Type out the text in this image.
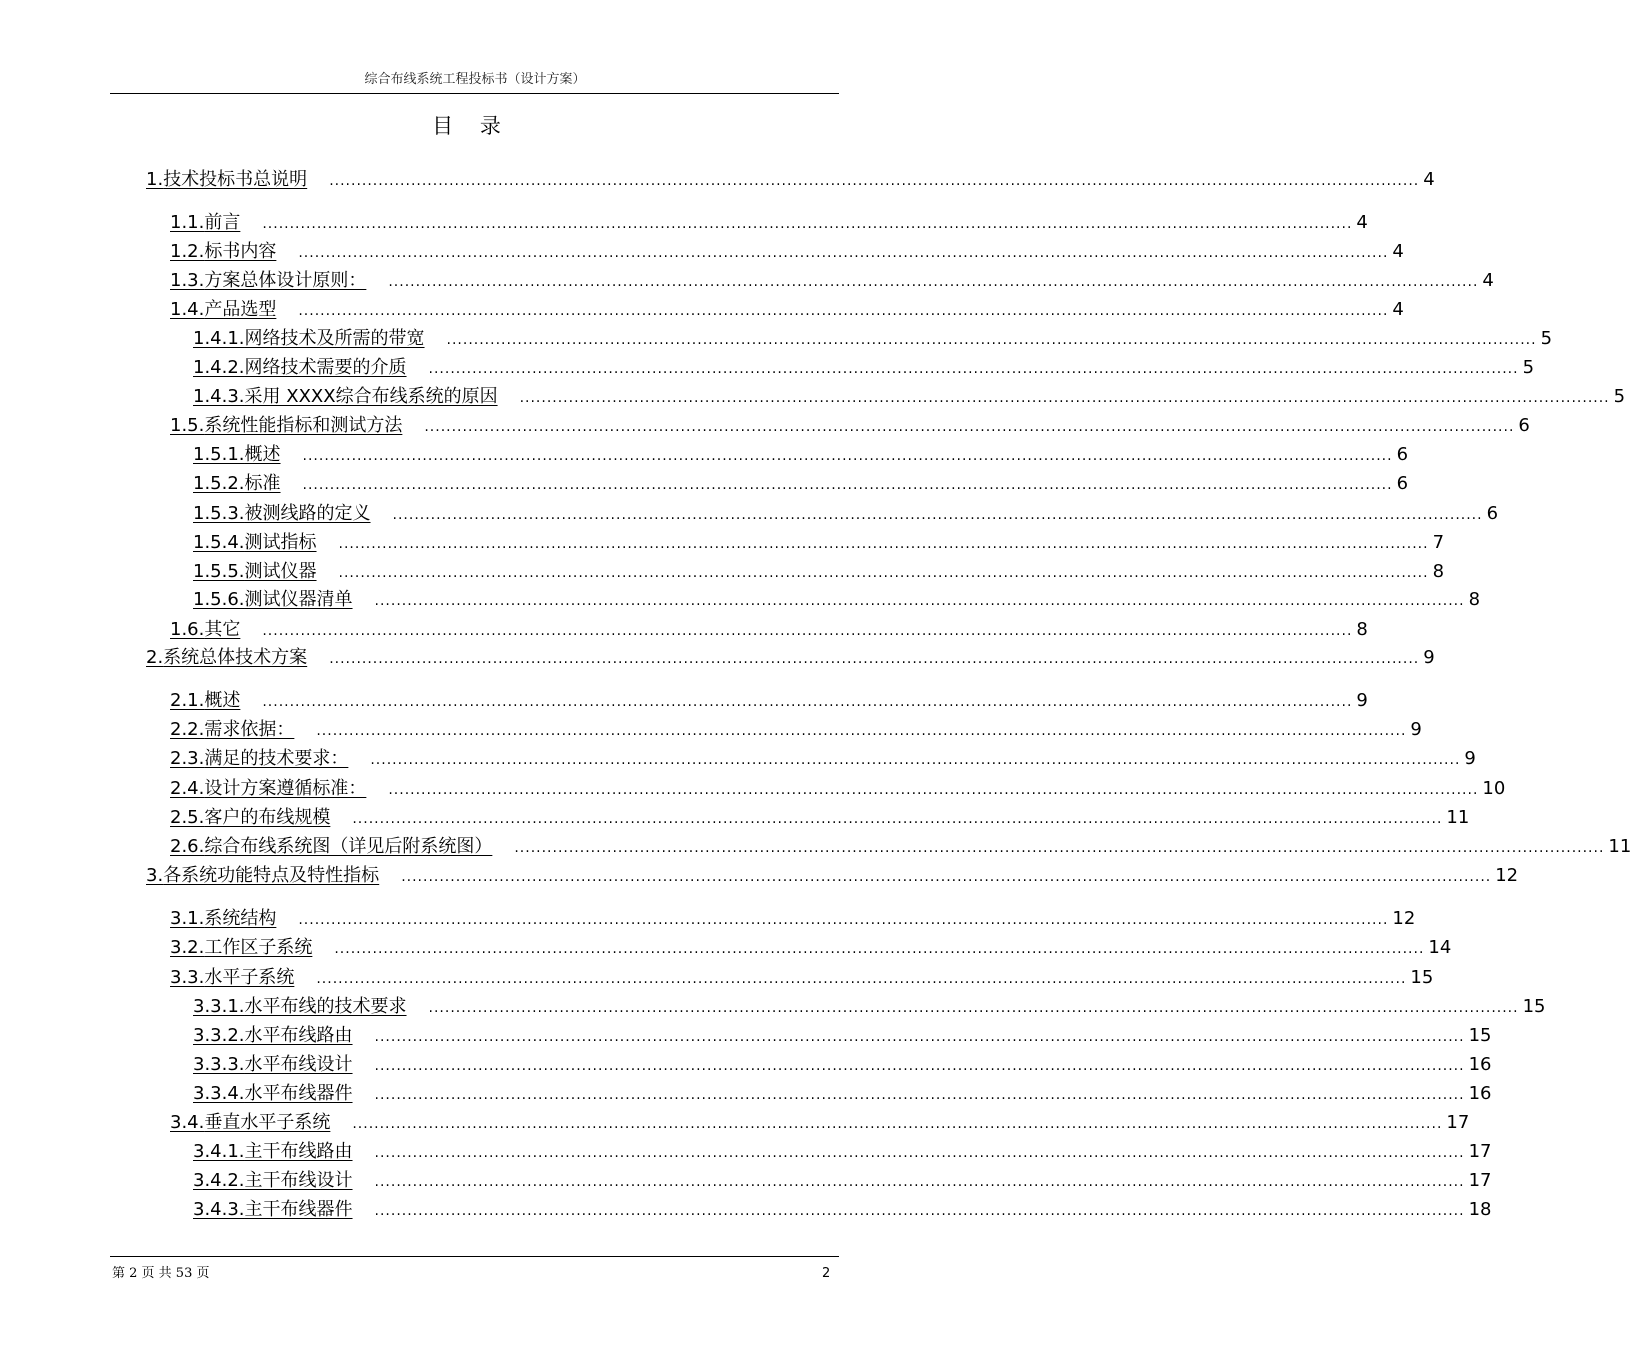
综合布线系统工程投标书（设计方案）
目 录
1. 技术投标书总说明	........................................................................................................................................................................................................ 4
1.1. 前言	........................................................................................................................................................................................................ 4
1.2. 标书内容	........................................................................................................................................................................................................ 4
1.3. 方案总体设计原则：	........................................................................................................................................................................................................ 4
1.4. 产品选型	........................................................................................................................................................................................................ 4
1.4.1. 网络技术及所需的带宽	........................................................................................................................................................................................................ 5
1.4.2. 网络技术需要的介质	........................................................................................................................................................................................................ 5
1.4.3. 采用 XXXX综合布线系统的原因	........................................................................................................................................................................................................ 5
1.5. 系统性能指标和测试方法	........................................................................................................................................................................................................ 6
1.5.1. 概述	........................................................................................................................................................................................................ 6
1.5.2. 标准	........................................................................................................................................................................................................ 6
1.5.3. 被测线路的定义	........................................................................................................................................................................................................ 6
1.5.4. 测试指标	........................................................................................................................................................................................................ 7
1.5.5. 测试仪器	........................................................................................................................................................................................................ 8
1.5.6. 测试仪器清单	........................................................................................................................................................................................................ 8
1.6. 其它	........................................................................................................................................................................................................ 8
2. 系统总体技术方案	........................................................................................................................................................................................................ 9
2.1. 概述	........................................................................................................................................................................................................ 9
2.2. 需求依据：	........................................................................................................................................................................................................ 9
2.3. 满足的技术要求：	........................................................................................................................................................................................................ 9
2.4. 设计方案遵循标准：	........................................................................................................................................................................................................ 10
2.5. 客户的布线规模	........................................................................................................................................................................................................ 11
2.6. 综合布线系统图（详见后附系统图）	........................................................................................................................................................................................................ 11
3. 各系统功能特点及特性指标	........................................................................................................................................................................................................ 12
3.1. 系统结构	........................................................................................................................................................................................................ 12
3.2. 工作区子系统	........................................................................................................................................................................................................ 14
3.3. 水平子系统	........................................................................................................................................................................................................ 15
3.3.1. 水平布线的技术要求	........................................................................................................................................................................................................ 15
3.3.2. 水平布线路由	........................................................................................................................................................................................................ 15
3.3.3. 水平布线设计	........................................................................................................................................................................................................ 16
3.3.4. 水平布线器件	........................................................................................................................................................................................................ 16
3.4. 垂直水平子系统	........................................................................................................................................................................................................ 17
3.4.1. 主干布线路由	........................................................................................................................................................................................................ 17
3.4.2. 主干布线设计	........................................................................................................................................................................................................ 17
3.4.3. 主干布线器件	........................................................................................................................................................................................................ 18
第 2 页 共 53 页	2
